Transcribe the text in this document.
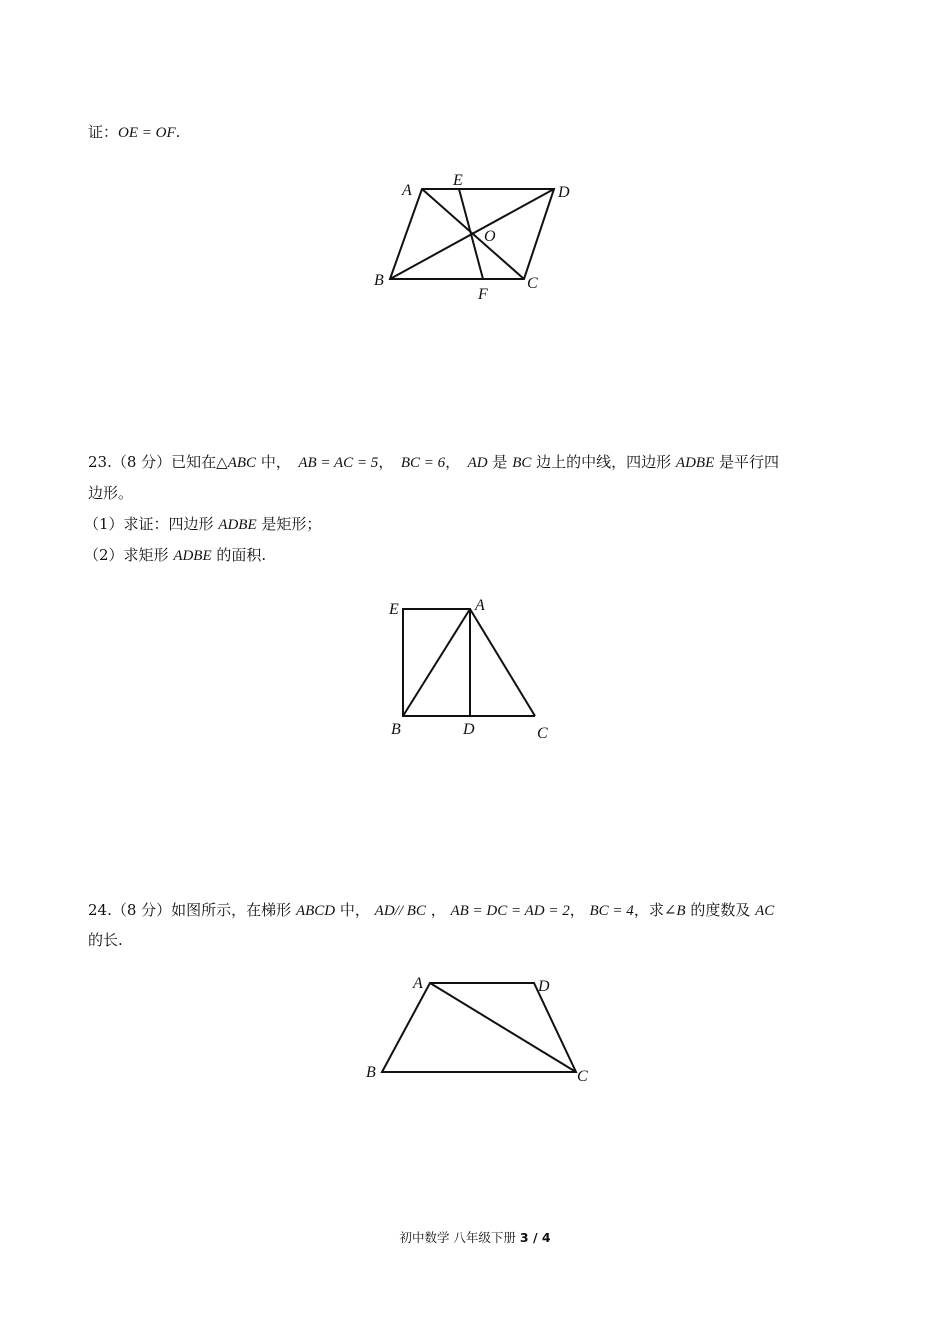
证：OE = OF.
A
E
D
O
B
F
C
23.（8 分）已知在△ABC 中，  AB = AC = 5，  BC = 6，  AD 是 BC 边上的中线，四边形 ADBE 是平行四
边形。
（1）求证：四边形 ADBE 是矩形；
（2）求矩形 ADBE 的面积.
E	A
B	D	C
24.（8 分）如图所示，在梯形 ABCD 中， AD// BC ， AB = DC = AD = 2， BC = 4，求∠B 的度数及 AC
的长.
A	D
B	C
初中数学 八年级下册 3 / 4
